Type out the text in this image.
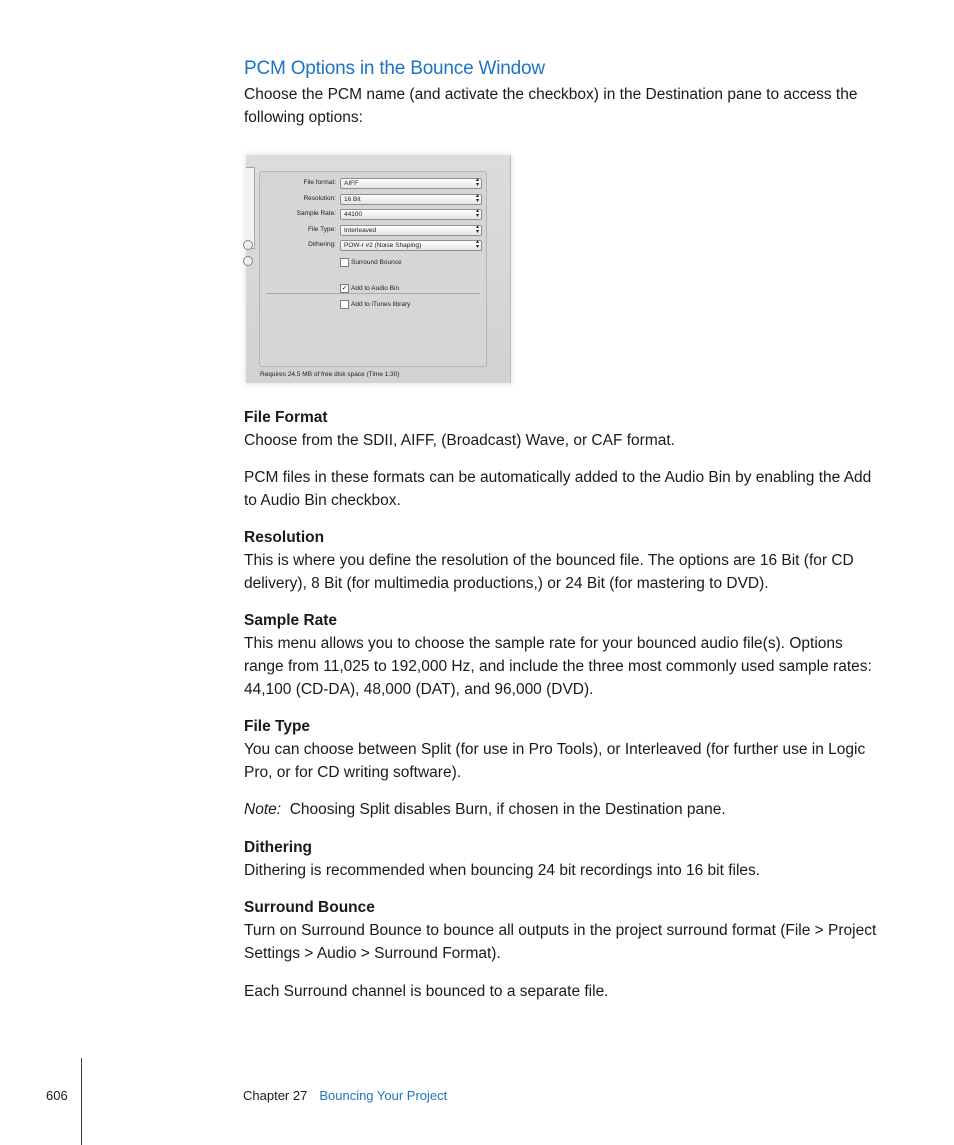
PCM Options in the Bounce Window

Choose the PCM name (and activate the checkbox) in the Destination pane to access the following options:

File format: AIFF	▴
▾
Resolution: 16 Bit	▴
▾
Sample Rate: 44100	▴
▾
File Type: Interleaved	▴
▾
Dithering: POW-r #2 (Noise Shaping)	▴
▾
Surround Bounce
✓ Add to Audio Bin
Add to iTunes library
Requires 24,5 MB of free disk space (Time 1:30)

File Format

Choose from the SDII, AIFF, (Broadcast) Wave, or CAF format.

PCM files in these formats can be automatically added to the Audio Bin by enabling the Add to Audio Bin checkbox.

Resolution

This is where you define the resolution of the bounced file. The options are 16 Bit (for CD delivery), 8 Bit (for multimedia productions,) or 24 Bit (for mastering to DVD).

Sample Rate

This menu allows you to choose the sample rate for your bounced audio file(s). Options range from 11,025 to 192,000 Hz, and include the three most commonly used sample rates: 44,100 (CD-DA), 48,000 (DAT), and 96,000 (DVD).

File Type

You can choose between Split (for use in Pro Tools), or Interleaved (for further use in Logic Pro, or for CD writing software).

Note: Choosing Split disables Burn, if chosen in the Destination pane.

Dithering

Dithering is recommended when bouncing 24 bit recordings into 16 bit files.

Surround Bounce

Turn on Surround Bounce to bounce all outputs in the project surround format (File > Project Settings > Audio > Surround Format).

Each Surround channel is bounced to a separate file.

606	Chapter 27 Bouncing Your Project
